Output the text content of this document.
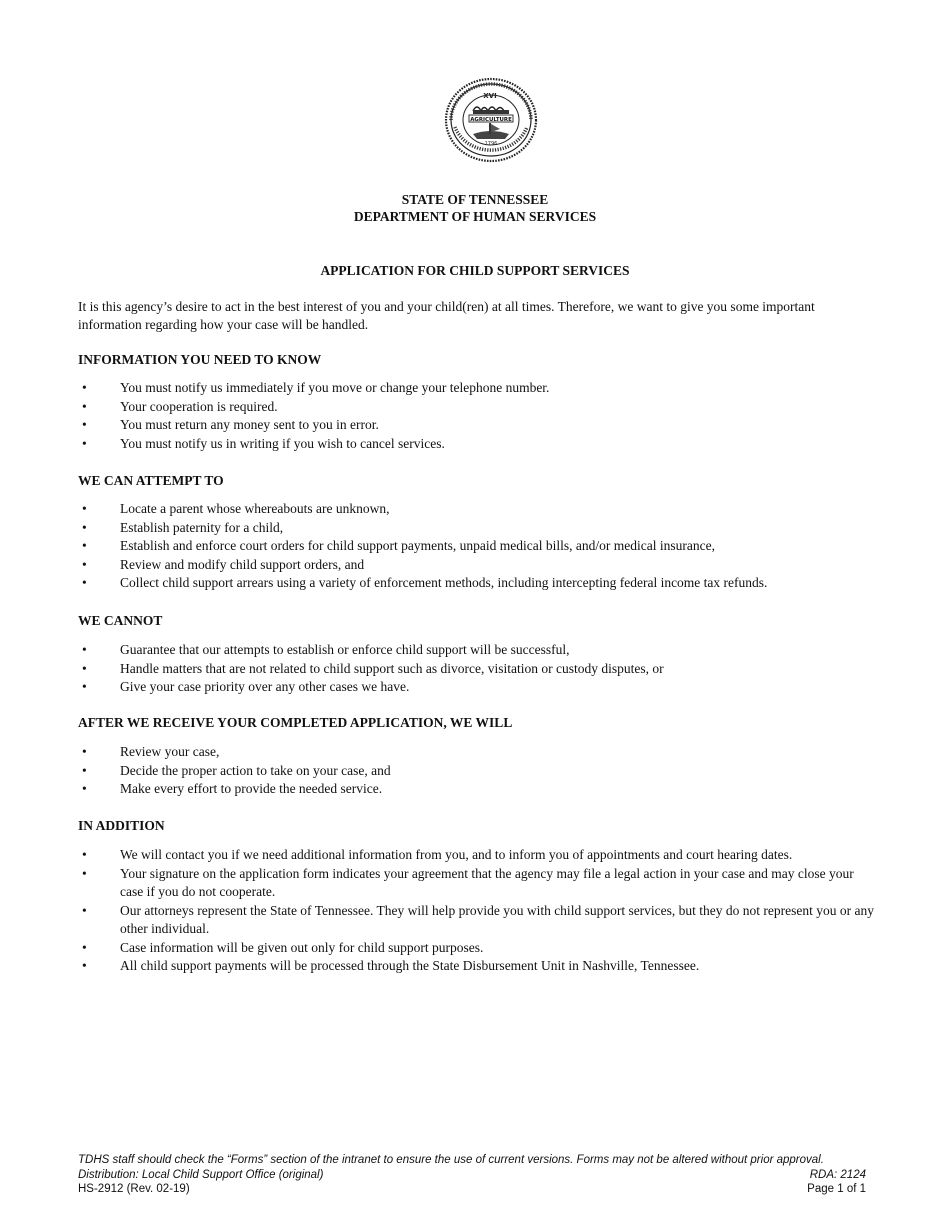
XVI
AGRICULTURE
1796
STATE OF TENNESSEE
DEPARTMENT OF HUMAN SERVICES
APPLICATION FOR CHILD SUPPORT SERVICES

It is this agency’s desire to act in the best interest of you and your child(ren) at all times. Therefore, we want to give you some important information regarding how your case will be handled.

INFORMATION YOU NEED TO KNOW
• You must notify us immediately if you move or change your telephone number.
• Your cooperation is required.
• You must return any money sent to you in error.
• You must notify us in writing if you wish to cancel services.
WE CAN ATTEMPT TO
• Locate a parent whose whereabouts are unknown,
• Establish paternity for a child,
• Establish and enforce court orders for child support payments, unpaid medical bills, and/or medical insurance,
• Review and modify child support orders, and
• Collect child support arrears using a variety of enforcement methods, including intercepting federal income tax refunds.
WE CANNOT
• Guarantee that our attempts to establish or enforce child support will be successful,
• Handle matters that are not related to child support such as divorce, visitation or custody disputes, or
• Give your case priority over any other cases we have.
AFTER WE RECEIVE YOUR COMPLETED APPLICATION, WE WILL
• Review your case,
• Decide the proper action to take on your case, and
• Make every effort to provide the needed service.
IN ADDITION
• We will contact you if we need additional information from you, and to inform you of appointments and court hearing dates.
• Your signature on the application form indicates your agreement that the agency may file a legal action in your case and may close your case if you do not cooperate.
• Our attorneys represent the State of Tennessee. They will help provide you with child support services, but they do not represent you or any other individual.
• Case information will be given out only for child support purposes.
• All child support payments will be processed through the State Disbursement Unit in Nashville, Tennessee.
TDHS staff should check the “Forms” section of the intranet to ensure the use of current versions. Forms may not be altered without prior approval.
Distribution: Local Child Support Office (original)	RDA: 2124
HS-2912 (Rev. 02-19)	Page 1 of 1
